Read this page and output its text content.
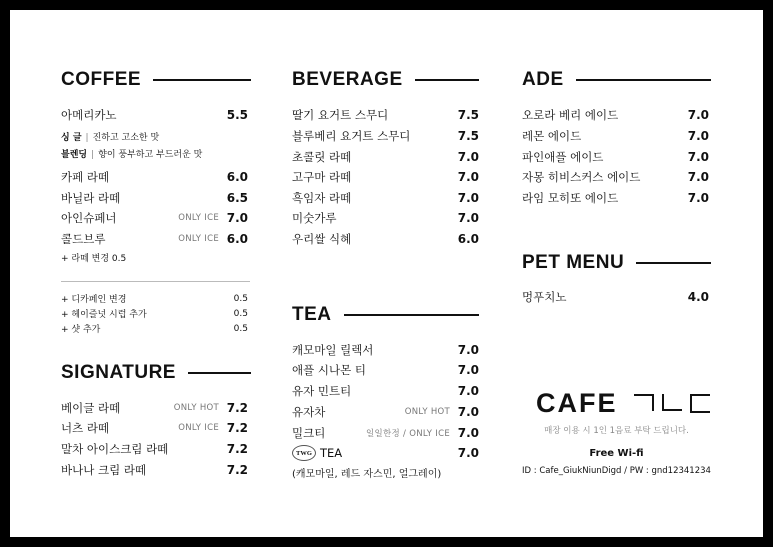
COFFEE
아메리카노	5.5
싱 글 | 진하고 고소한 맛
블렌딩 | 향이 풍부하고 부드러운 맛
카페 라떼	6.0
바닐라 라떼	6.5
아인슈페너	ONLY ICE 7.0
콜드브루	ONLY ICE 6.0
+ 라떼 변경 0.5
+ 디카페인 변경	0.5
+ 헤이즐넛 시럽 추가	0.5
+ 샷 추가	0.5
SIGNATURE
베이글 라떼	ONLY HOT 7.2
너츠 라떼	ONLY ICE 7.2
말차 아이스크림 라떼	7.2
바나나 크림 라떼	7.2
BEVERAGE
딸기 요거트 스무디	7.5
블루베리 요거트 스무디	7.5
초콜릿 라떼	7.0
고구마 라떼	7.0
흑임자 라떼	7.0
미숫가루	7.0
우리쌀 식혜	6.0
TEA
캐모마일 릴렉서	7.0
애플 시나몬 티	7.0
유자 민트티	7.0
유자차	ONLY HOT 7.0
밀크티	일일한정 / ONLY ICE 7.0
TWG TEA	7.0
(캐모마일, 레드 자스민, 얼그레이)
ADE
오로라 베리 에이드	7.0
레몬 에이드	7.0
파인애플 에이드	7.0
자몽 히비스커스 에이드	7.0
라임 모히또 에이드	7.0
PET MENU
멍푸치노	4.0
CAFE
매장 이용 시 1인 1음료 부탁 드립니다.
Free Wi-fi
ID : Cafe_GiukNiunDigd / PW : gnd12341234
